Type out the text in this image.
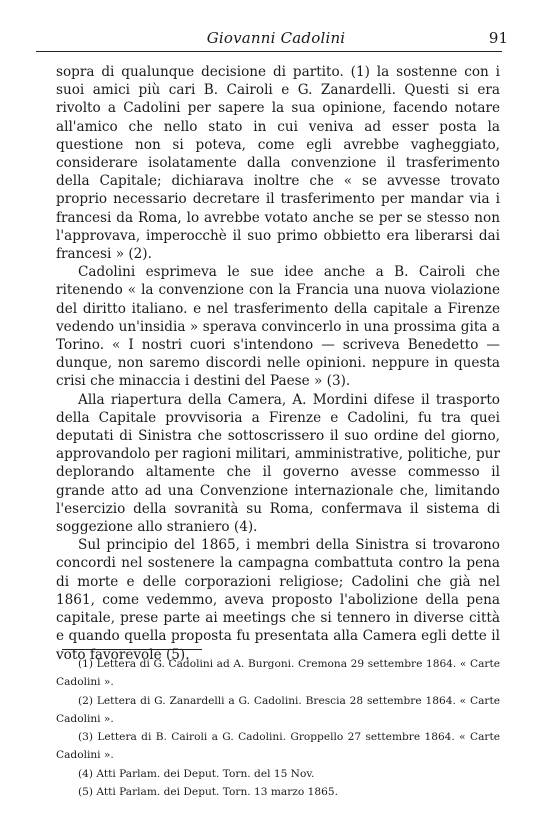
Giovanni Cadolini	91

sopra di qualunque decisione di partito. (1) la sostenne con i suoi amici più cari B. Cairoli e G. Zanardelli. Questi si era rivolto a Cadolini per sapere la sua opinione, facendo notare all'amico che nello stato in cui veniva ad esser posta la questione non si poteva, come egli avrebbe vagheggiato, considerare isolatamente dalla convenzione il trasferimento della Capitale; dichiarava inoltre che « se avvesse trovato proprio necessario decretare il trasferimento per mandar via i francesi da Roma, lo avrebbe votato anche se per se stesso non l'approvava, imperocchè il suo primo obbietto era liberarsi dai francesi » (2).

Cadolini esprimeva le sue idee anche a B. Cairoli che ritenendo « la convenzione con la Francia una nuova violazione del diritto italiano. e nel trasferimento della capitale a Firenze vedendo un'insidia » sperava convincerlo in una prossima gita a Torino. « I nostri cuori s'intendono — scriveva Benedetto — dunque, non saremo discordi nelle opinioni. neppure in questa crisi che minaccia i destini del Paese » (3).

Alla riapertura della Camera, A. Mordini difese il trasporto della Capitale provvisoria a Firenze e Cadolini, fu tra quei deputati di Sinistra che sottoscrissero il suo ordine del giorno, approvandolo per ragioni militari, amministrative, politiche, pur deplorando altamente che il governo avesse commesso il grande atto ad una Convenzione internazionale che, limitando l'esercizio della sovranità su Roma, confermava il sistema di soggezione allo straniero (4).

Sul principio del 1865, i membri della Sinistra si trovarono concordi nel sostenere la campagna combattuta contro la pena di morte e delle corporazioni religiose; Cadolini che già nel 1861, come vedemmo, aveva proposto l'abolizione della pena capitale, prese parte ai meetings che si tennero in diverse città e quando quella proposta fu presentata alla Camera egli dette il voto favorevole (5).

(1) Lettera di G. Cadolini ad A. Burgoni. Cremona 29 settembre 1864. « Carte Cadolini ».

(2) Lettera di G. Zanardelli a G. Cadolini. Brescia 28 settembre 1864. « Carte Cadolini ».

(3) Lettera di B. Cairoli a G. Cadolini. Groppello 27 settembre 1864. « Carte Cadolini ».

(4) Atti Parlam. dei Deput. Torn. del 15 Nov.

(5) Atti Parlam. dei Deput. Torn. 13 marzo 1865.
